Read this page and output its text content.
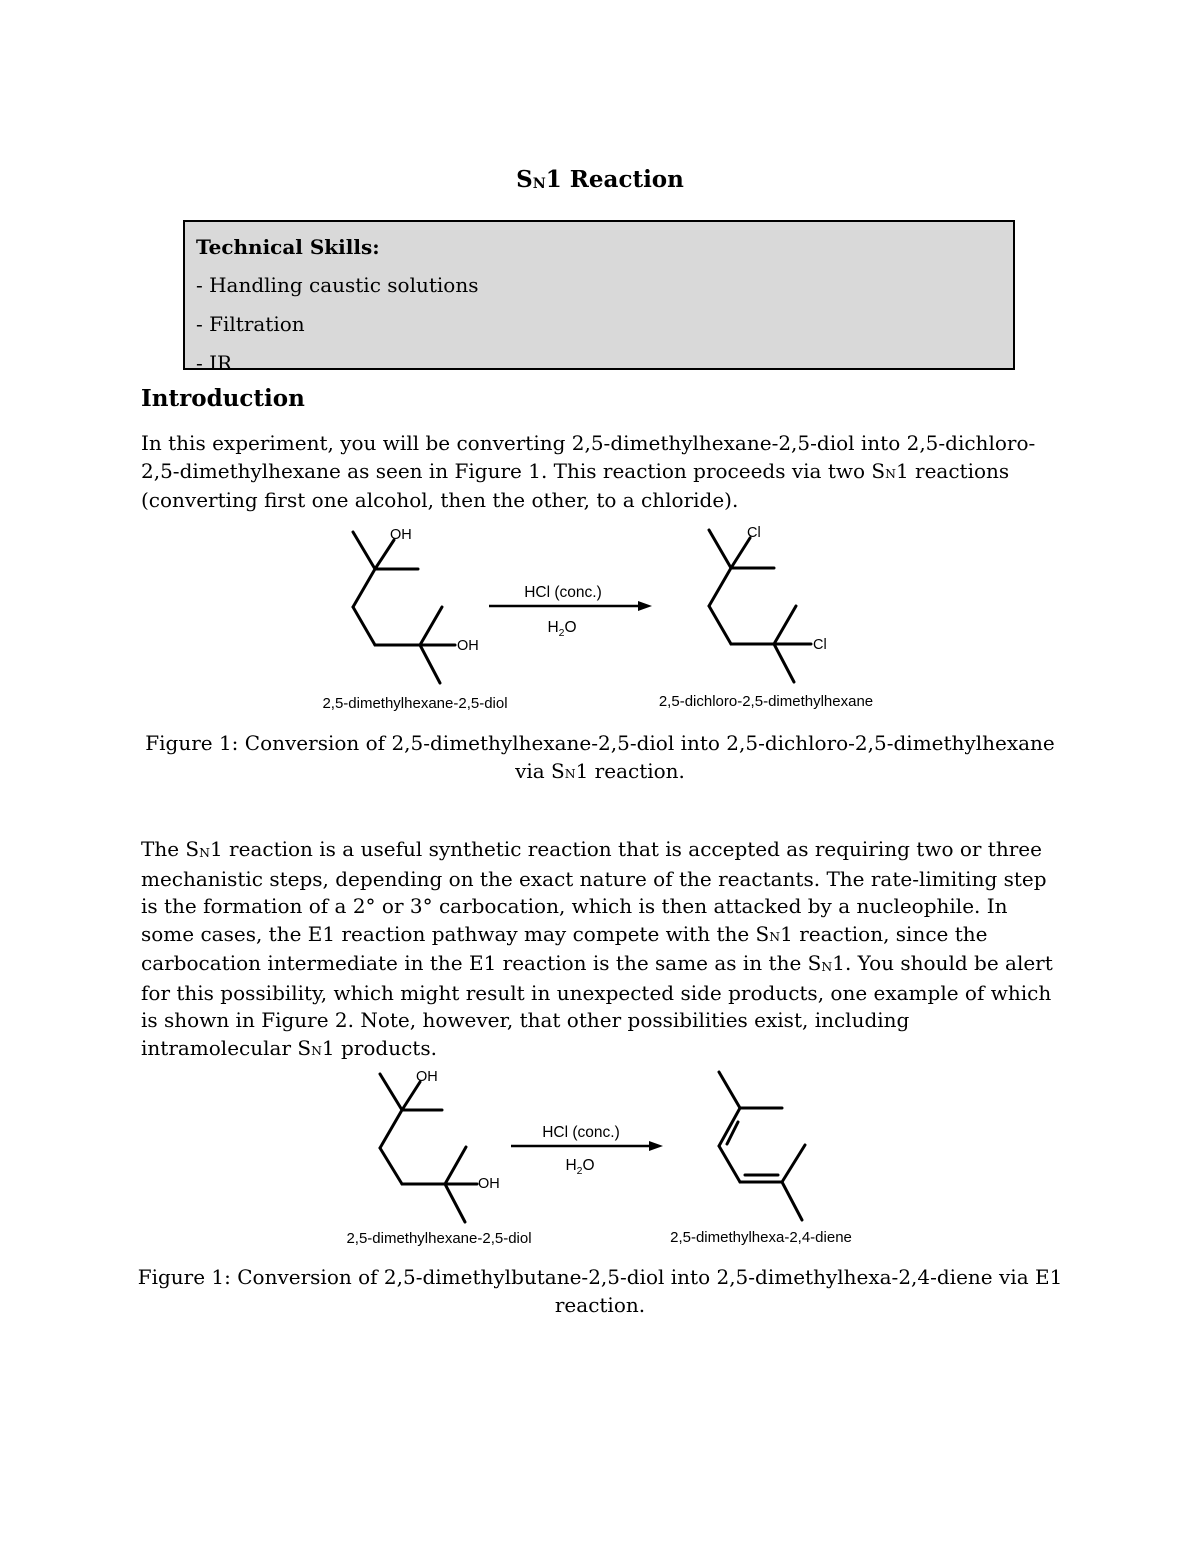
SN1 Reaction
Technical Skills:
- Handling caustic solutions
- Filtration
- IR
Introduction
In this experiment, you will be converting 2,5-dimethylhexane-2,5-diol into 2,5-dichloro-2,5-dimethylhexane as seen in Figure 1. This reaction proceeds via two SN1 reactions (converting first one alcohol, then the other, to a chloride).
OH
OH
Cl
Cl
HCl (conc.)
$H_2O$
2,5-dimethylhexane-2,5-diol	2,5-dichloro-2,5-dimethylhexane
OH
OH
HCl (conc.)
$H_2O$
2,5-dimethylhexane-2,5-diol	2,5-dimethylhexa-2,4-diene
Figure 1: Conversion of 2,5-dimethylhexane-2,5-diol into 2,5-dichloro-2,5-dimethylhexane via SN1 reaction.
The SN1 reaction is a useful synthetic reaction that is accepted as requiring two or three mechanistic steps, depending on the exact nature of the reactants. The rate-limiting step is the formation of a 2° or 3° carbocation, which is then attacked by a nucleophile. In some cases, the E1 reaction pathway may compete with the SN1 reaction, since the carbocation intermediate in the E1 reaction is the same as in the SN1. You should be alert for this possibility, which might result in unexpected side products, one example of which is shown in Figure 2. Note, however, that other possibilities exist, including intramolecular SN1 products.
Figure 1: Conversion of 2,5-dimethylbutane-2,5-diol into 2,5-dimethylhexa-2,4-diene via E1 reaction.
